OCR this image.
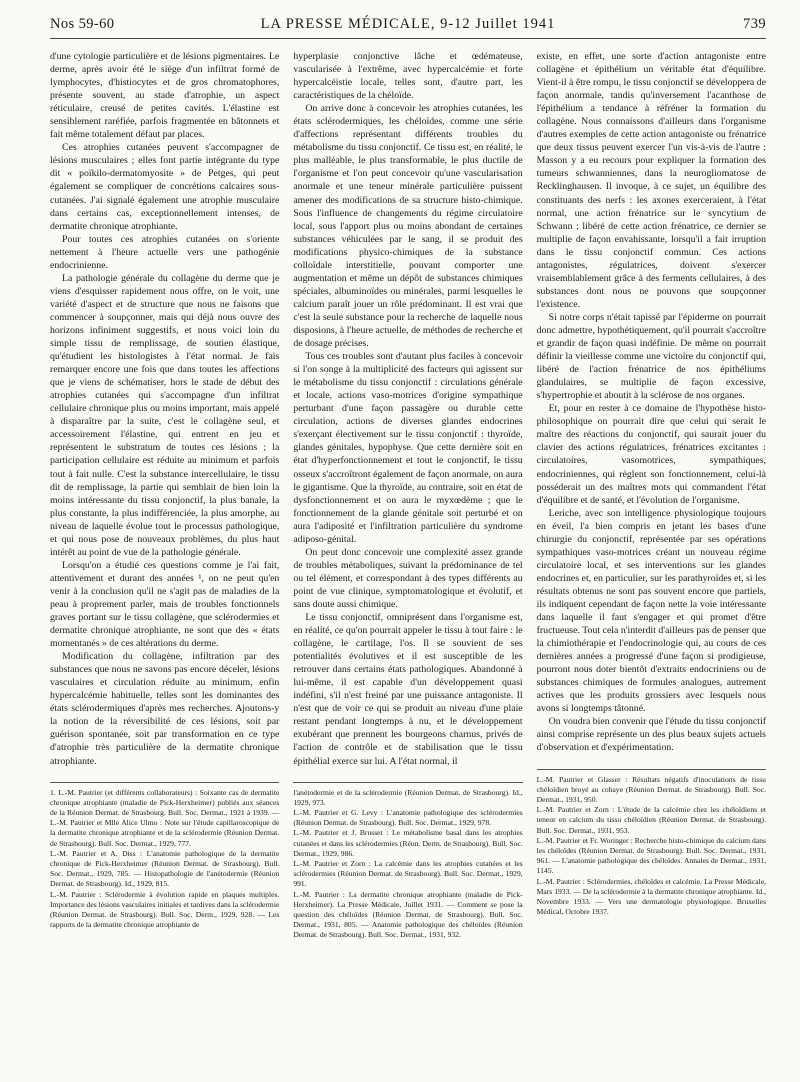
Nos 59-60	LA PRESSE MÉDICALE, 9-12 Juillet 1941	739

d'une cytologie particulière et de lésions pigmentaires. Le derme, après avoir été le siège d'un infiltrat formé de lymphocytes, d'histiocytes et de gros chromatophores, présente souvent, au stade d'atrophie, un aspect réticulaire, creusé de petites cavités. L'élastine est sensiblement raréfiée, parfois fragmentée en bâtonnets et fait même totalement défaut par places.

Ces atrophies cutanées peuvent s'accompagner de lésions musculaires ; elles font partie intégrante du type dit « poïkilo-dermatomyosite » de Petges, qui peut également se compliquer de concrétions calcaires sous-cutanées. J'ai signalé également une atrophie musculaire dans certains cas, exceptionnellement intenses, de dermatite chronique atrophiante.

Pour toutes ces atrophies cutanées on s'oriente nettement à l'heure actuelle vers une pathogénie endocrinienne.

La pathologie générale du collagène du derme que je viens d'esquisser rapidement nous offre, on le voit, une variété d'aspect et de structure que nous ne faisons que commencer à soupçonner, mais qui déjà nous ouvre des horizons infiniment suggestifs, et nous voici loin du simple tissu de remplissage, de soutien élastique, qu'étudient les histologistes à l'état normal. Je fais remarquer encore une fois que dans toutes les affections que je viens de schématiser, hors le stade de début des atrophies cutanées qui s'accompagne d'un infiltrat cellulaire chronique plus ou moins important, mais appelé à disparaître par la suite, c'est le collagène seul, et accessoirement l'élastine, qui entrent en jeu et représentent le substratum de toutes ces lésions ; la participation cellulaire est réduite au minimum et parfois tout à fait nulle. C'est la substance intercellulaire, le tissu dit de remplissage, la partie qui semblait de bien loin la moins intéressante du tissu conjonctif, la plus banale, la plus constante, la plus indifférenciée, la plus amorphe, au niveau de laquelle évolue tout le processus pathologique, et qui nous pose de nouveaux problèmes, du plus haut intérêt au point de vue de la pathologie générale.

Lorsqu'on a étudié ces questions comme je l'ai fait, attentivement et durant des années ¹, on ne peut qu'en venir à la conclusion qu'il ne s'agit pas de maladies de la peau à proprement parler, mais de troubles fonctionnels graves portant sur le tissu collagène, que sclérodermies et dermatite chronique atrophiante, ne sont que des « états momentanés » de ces altérations du derme.

Modification du collagène, infiltration par des substances que nous ne savons pas encore déceler, lésions vasculaires et circulation réduite au minimum, enfin hypercalcémie habituelle, telles sont les dominantes des états sclérodermiques d'après mes recherches. Ajoutons-y la notion de la réversibilité de ces lésions, soit par guérison spontanée, soit par transformation en ce type d'atrophie très particulière de la dermatite chronique atrophiante.

1. L.-M. Pautrier (et différents collaborateurs) : Soixante cas de dermatite chronique atrophiante (maladie de Pick-Herxheimer) publiés aux séances de la Réunion Dermat. de Strasbourg. Bull. Soc. Dermat., 1921 à 1939. — L.-M. Pautrier et Mlle Alice Ulmo : Note sur l'étude capillaroscopique de la dermatite chronique atrophiante et de la sclérodermie (Réunion Dermat. de Strasbourg). Bull. Soc. Dermat., 1929, 777.

L.-M. Pautrier et A. Diss : L'anatomie pathologique de la dermatite chronique de Pick-Herxheimer (Réunion Dermat. de Strasbourg). Bull. Soc. Dermat., 1929, 785. — Histopathologie de l'anétodermie (Réunion Dermat. de Strasbourg). Id., 1929, 815.

L.-M. Pautrier : Sclérodermie à évolution rapide en plaques multiples. Importance des lésions vasculaires initiales et tardives dans la sclérodermie (Réunion Dermat. de Strasbourg). Bull. Soc. Derm., 1929, 928. — Les rapports de la dermatite chronique atrophiante de

hyperplasie conjonctive lâche et œdémateuse, vascularisée à l'extrême, avec hypercalcémie et forte hypercalcéistie locale, telles sont, d'autre part, les caractéristiques de la chéloïde.

On arrive donc à concevoir les atrophies cutanées, les états sclérodermiques, les chéloïdes, comme une série d'affections représentant différents troubles du métabolisme du tissu conjonctif. Ce tissu est, en réalité, le plus malléable, le plus transformable, le plus ductile de l'organisme et l'on peut concevoir qu'une vascularisation anormale et une teneur minérale particulière puissent amener des modifications de sa structure histo-chimique. Sous l'influence de changements du régime circulatoire local, sous l'apport plus ou moins abondant de certaines substances véhiculées par le sang, il se produit des modifications physico-chimiques de la substance colloïdale interstitielle, pouvant comporter une augmentation et même un dépôt de substances chimiques spéciales, albuminoïdes ou minérales, parmi lesquelles le calcium paraît jouer un rôle prédominant. Il est vrai que c'est la seule substance pour la recherche de laquelle nous disposions, à l'heure actuelle, de méthodes de recherche et de dosage précises.

Tous ces troubles sont d'autant plus faciles à concevoir si l'on songe à la multiplicité des facteurs qui agissent sur le métabolisme du tissu conjonctif : circulations générale et locale, actions vaso-motrices d'origine sympathique perturbant d'une façon passagère ou durable cette circulation, actions de diverses glandes endocrines s'exerçant électivement sur le tissu conjonctif : thyroïde, glandes génitales, hypophyse. Que cette dernière soit en état d'hyperfonctionnement et tout le conjonctif, le tissu osseux s'accroîtront également de façon anormale, on aura le gigantisme. Que la thyroïde, au contraire, soit en état de dysfonctionnement et on aura le myxœdème ; que le fonctionnement de la glande génitale soit perturbé et on aura l'adiposité et l'infiltration particulière du syndrome adiposo-génital.

On peut donc concevoir une complexité assez grande de troubles métaboliques, suivant la prédominance de tel ou tel élément, et correspondant à des types différents au point de vue clinique, symptomatologique et évolutif, et sans doute aussi chimique.

Le tissu conjonctif, omniprésent dans l'organisme est, en réalité, ce qu'on pourrait appeler le tissu à tout faire : le collagène, le cartilage, l'os. Il se souvient de ses potentialités évolutives et il est susceptible de les retrouver dans certains états pathologiques. Abandonné à lui-même, il est capable d'un développement quasi indéfini, s'il n'est freiné par une puissance antagoniste. Il n'est que de voir ce qui se produit au niveau d'une plaie restant pendant longtemps à nu, et le développement exubérant que prennent les bourgeons charnus, privés de l'action de contrôle et de stabilisation que le tissu épithélial exerce sur lui. A l'état normal, il

l'anétodermie et de la sclérodermie (Réunion Dermat. de Strasbourg). Id., 1929, 973.

L.-M. Pautrier et G. Levy : L'anatomie pathologique des sclérodermies (Réunion Dermat. de Strasbourg). Bull. Soc. Dermat., 1929, 978.

L.-M. Pautrier et J. Brusset : Le métabolisme basal dans les atrophies cutanées et dans les sclérodermies (Réun. Derm. de Strasbourg). Bull. Soc. Dermat., 1929, 986.

L.-M. Pautrier et Zorn : La calcémie dans les atrophies cutanées et les sclérodermies (Réunion Dermat. de Strasbourg). Bull. Soc. Dermat., 1929, 991.

L.-M. Pautrier : La dermatite chronique atrophiante (maladie de Pick-Herxheimer). La Presse Médicale, Juillet 1931. — Comment se pose la question des chéloïdes (Réunion Dermat. de Strasbourg). Bull. Soc. Dermat., 1931, 805. — Anatomie pathologique des chéloïdes (Réunion Dermat. de Strasbourg). Bull. Soc. Dermat., 1931, 932.

existe, en effet, une sorte d'action antagoniste entre collagène et épithélium un véritable état d'équilibre. Vient-il à être rompu, le tissu conjonctif se développera de façon anormale, tandis qu'inversement l'acanthose de l'épithélium a tendance à réfréner la formation du collagène. Nous connaissons d'ailleurs dans l'organisme d'autres exemples de cette action antagoniste ou frénatrice que deux tissus peuvent exercer l'un vis-à-vis de l'autre : Masson y a eu recours pour expliquer la formation des tumeurs schwanniennes, dans la neurogliomatose de Recklinghausen. Il invoque, à ce sujet, un équilibre des constituants des nerfs : les axones exerceraient, à l'état normal, une action frénatrice sur le syncytium de Schwann ; libéré de cette action frénatrice, ce dernier se multiplie de façon envahissante, lorsqu'il a fait irruption dans le tissu conjonctif commun. Ces actions antagonistes, régulatrices, doivent s'exercer vraisemblablement grâce à des ferments cellulaires, à des substances dont nous ne pouvons que soupçonner l'existence.

Si notre corps n'était tapissé par l'épiderme on pourrait donc admettre, hypothétiquement, qu'il pourrait s'accroître et grandir de façon quasi indéfinie. De même on pourrait définir la vieillesse comme une victoire du conjonctif qui, libéré de l'action frénatrice de nos épithéliums glandulaires, se multiplie de façon excessive, s'hypertrophie et aboutit à la sclérose de nos organes.

Et, pour en rester à ce domaine de l'hypothèse histo-philosophique on pourrait dire que celui qui serait le maître des réactions du conjonctif, qui saurait jouer du clavier des actions régulatrices, frénatrices excitantes : circulatoires, vasomotrices, sympathiques, endocriniennes, qui règlent son fonctionnement, celui-là posséderait un des maîtres mots qui commandent l'état d'équilibre et de santé, et l'évolution de l'organisme.

Leriche, avec son intelligence physiologique toujours en éveil, l'a bien compris en jetant les bases d'une chirurgie du conjonctif, représentée par ses opérations sympathiques vaso-motrices créant un nouveau régime circulatoire local, et ses interventions sur les glandes endocrines et, en particulier, sur les parathyroïdes et, si les résultats obtenus ne sont pas souvent encore que partiels, ils indiquent cependant de façon nette la voie intéressante dans laquelle il faut s'engager et qui promet d'être fructueuse. Tout cela n'interdit d'ailleurs pas de penser que la chimiothérapie et l'endocrinologie qui, au cours de ces dernières années a progressé d'une façon si prodigieuse, pourront nous doter bientôt d'extraits endocriniens ou de substances chimiques de formules analogues, autrement actives que les produits grossiers avec lesquels nous avons si longtemps tâtonné.

On voudra bien convenir que l'étude du tissu conjonctif ainsi comprise représente un des plus beaux sujets actuels d'observation et d'expérimentation.

L.-M. Pautrier et Glasser : Résultats négatifs d'inoculations de tissu chéloïdien broyé au cobaye (Réunion Dermat. de Strasbourg). Bull. Soc. Dermat., 1931, 950.

L.-M. Pautrier et Zorn : L'étude de la calcémie chez les chéloïdiens et teneur en calcium du tissu chéloïdien (Réunion Dermat. de Strasbourg). Bull. Soc. Dermat., 1931, 953.

L.-M. Pautrier et Fr. Woringer : Recherche histo-chimique du calcium dans les chéloïdes (Réunion Dermat. de Strasbourg). Bull. Soc. Dermat., 1931, 961. — L'anatomie pathologique des chéloïdes. Annales de Dermat., 1931, 1145.

L.-M. Pautrier : Sclérodermies, chéloïdes et calcémie. La Presse Médicale, Mars 1933. — De la sclérodermie à la dermatite chronique atrophiante. Id., Novembre 1933. — Vers une dermatologie physiologique. Bruxelles Médical, Octobre 1937.
